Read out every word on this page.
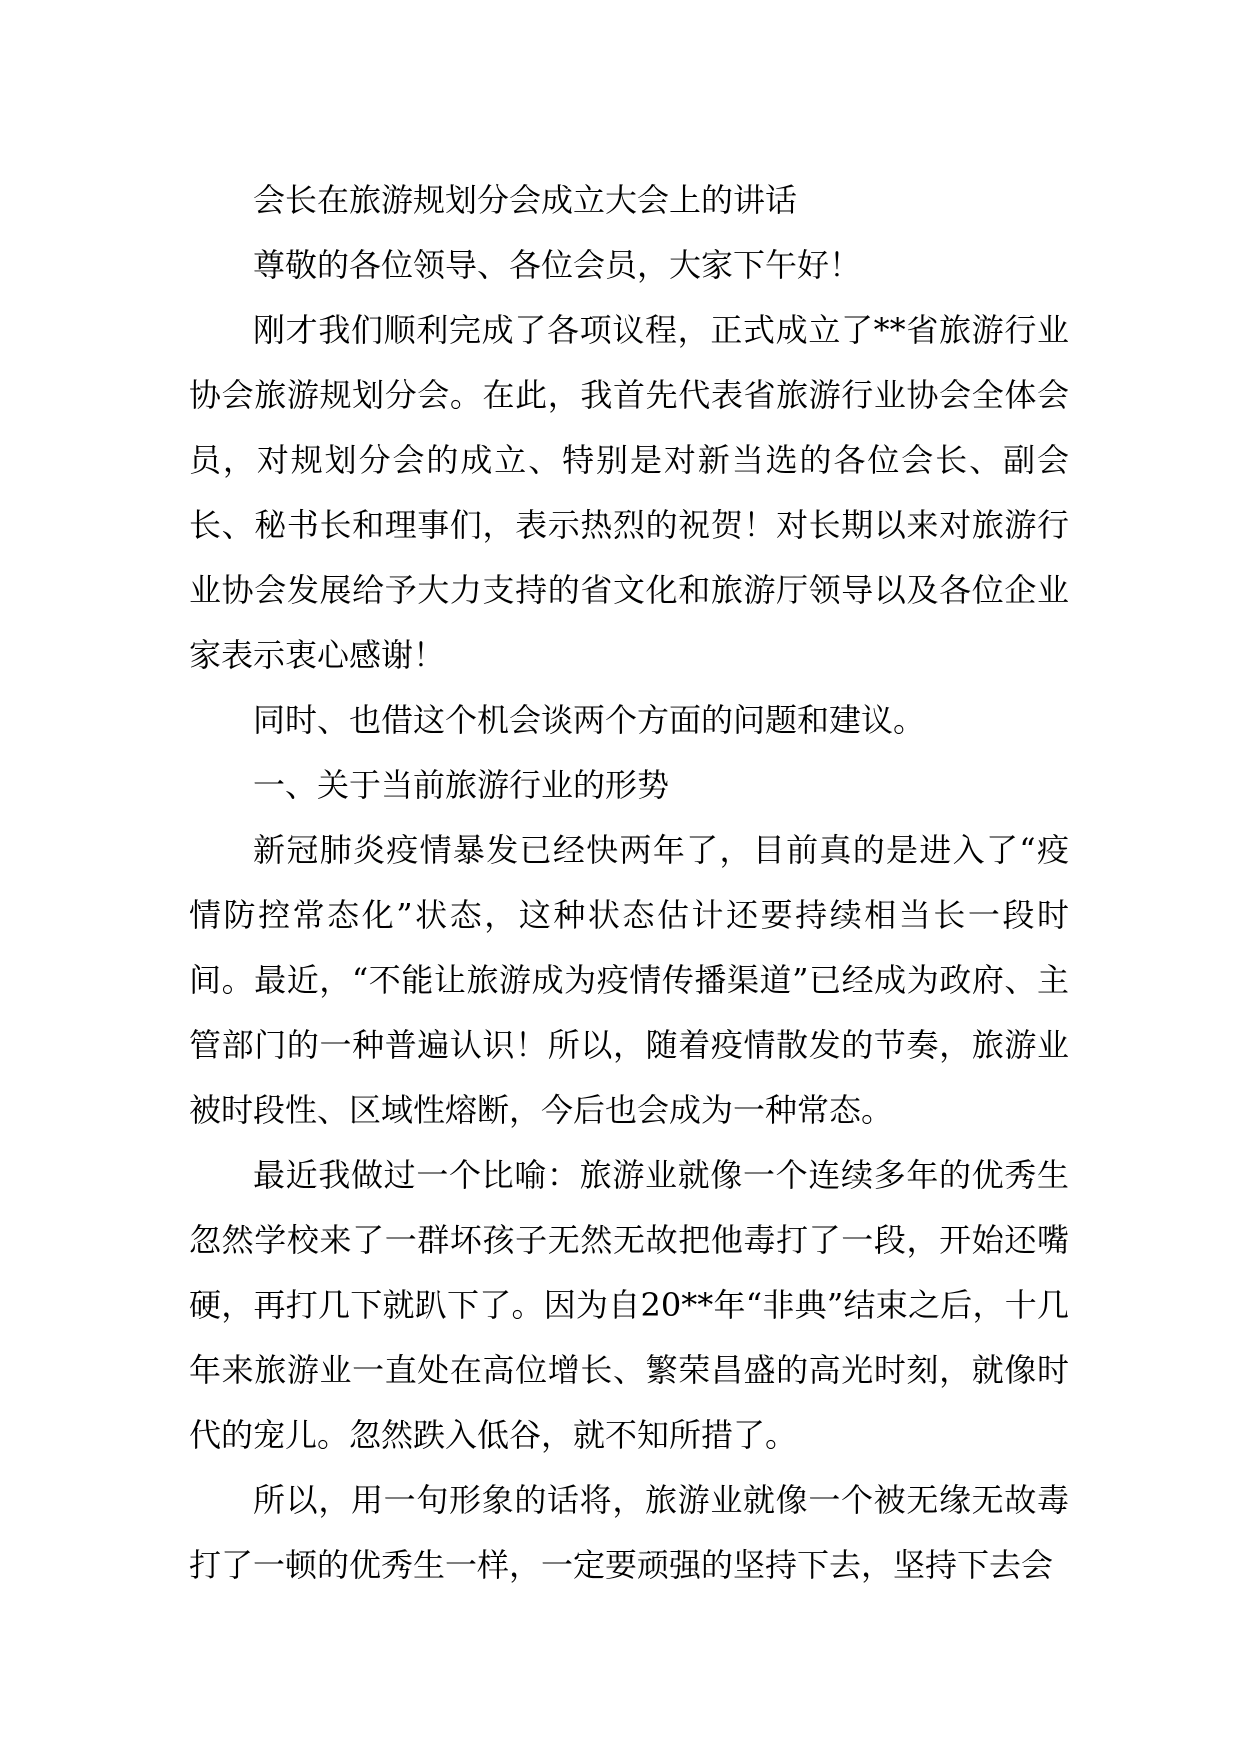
会长在旅游规划分会成立大会上的讲话

尊敬的各位领导、各位会员，大家下午好！

刚才我们顺利完成了各项议程，正式成立了**省旅游行业协会旅游规划分会。在此，我首先代表省旅游行业协会全体会员，对规划分会的成立、特别是对新当选的各位会长、副会长、秘书长和理事们，表示热烈的祝贺！对长期以来对旅游行业协会发展给予大力支持的省文化和旅游厅领导以及各位企业家表示衷心感谢！

同时、也借这个机会谈两个方面的问题和建议。

一、关于当前旅游行业的形势

新冠肺炎疫情暴发已经快两年了，目前真的是进入了“疫情防控常态化”状态，这种状态估计还要持续相当长一段时间。最近，“不能让旅游成为疫情传播渠道”已经成为政府、主管部门的一种普遍认识！所以，随着疫情散发的节奏，旅游业被时段性、区域性熔断，今后也会成为一种常态。

最近我做过一个比喻：旅游业就像一个连续多年的优秀生忽然学校来了一群坏孩子无然无故把他毒打了一段，开始还嘴硬，再打几下就趴下了。因为自20**年“非典”结束之后，十几年来旅游业一直处在高位增长、繁荣昌盛的高光时刻，就像时代的宠儿。忽然跌入低谷，就不知所措了。

所以，用一句形象的话将，旅游业就像一个被无缘无故毒打了一顿的优秀生一样，一定要顽强的坚持下去，坚持下去会
